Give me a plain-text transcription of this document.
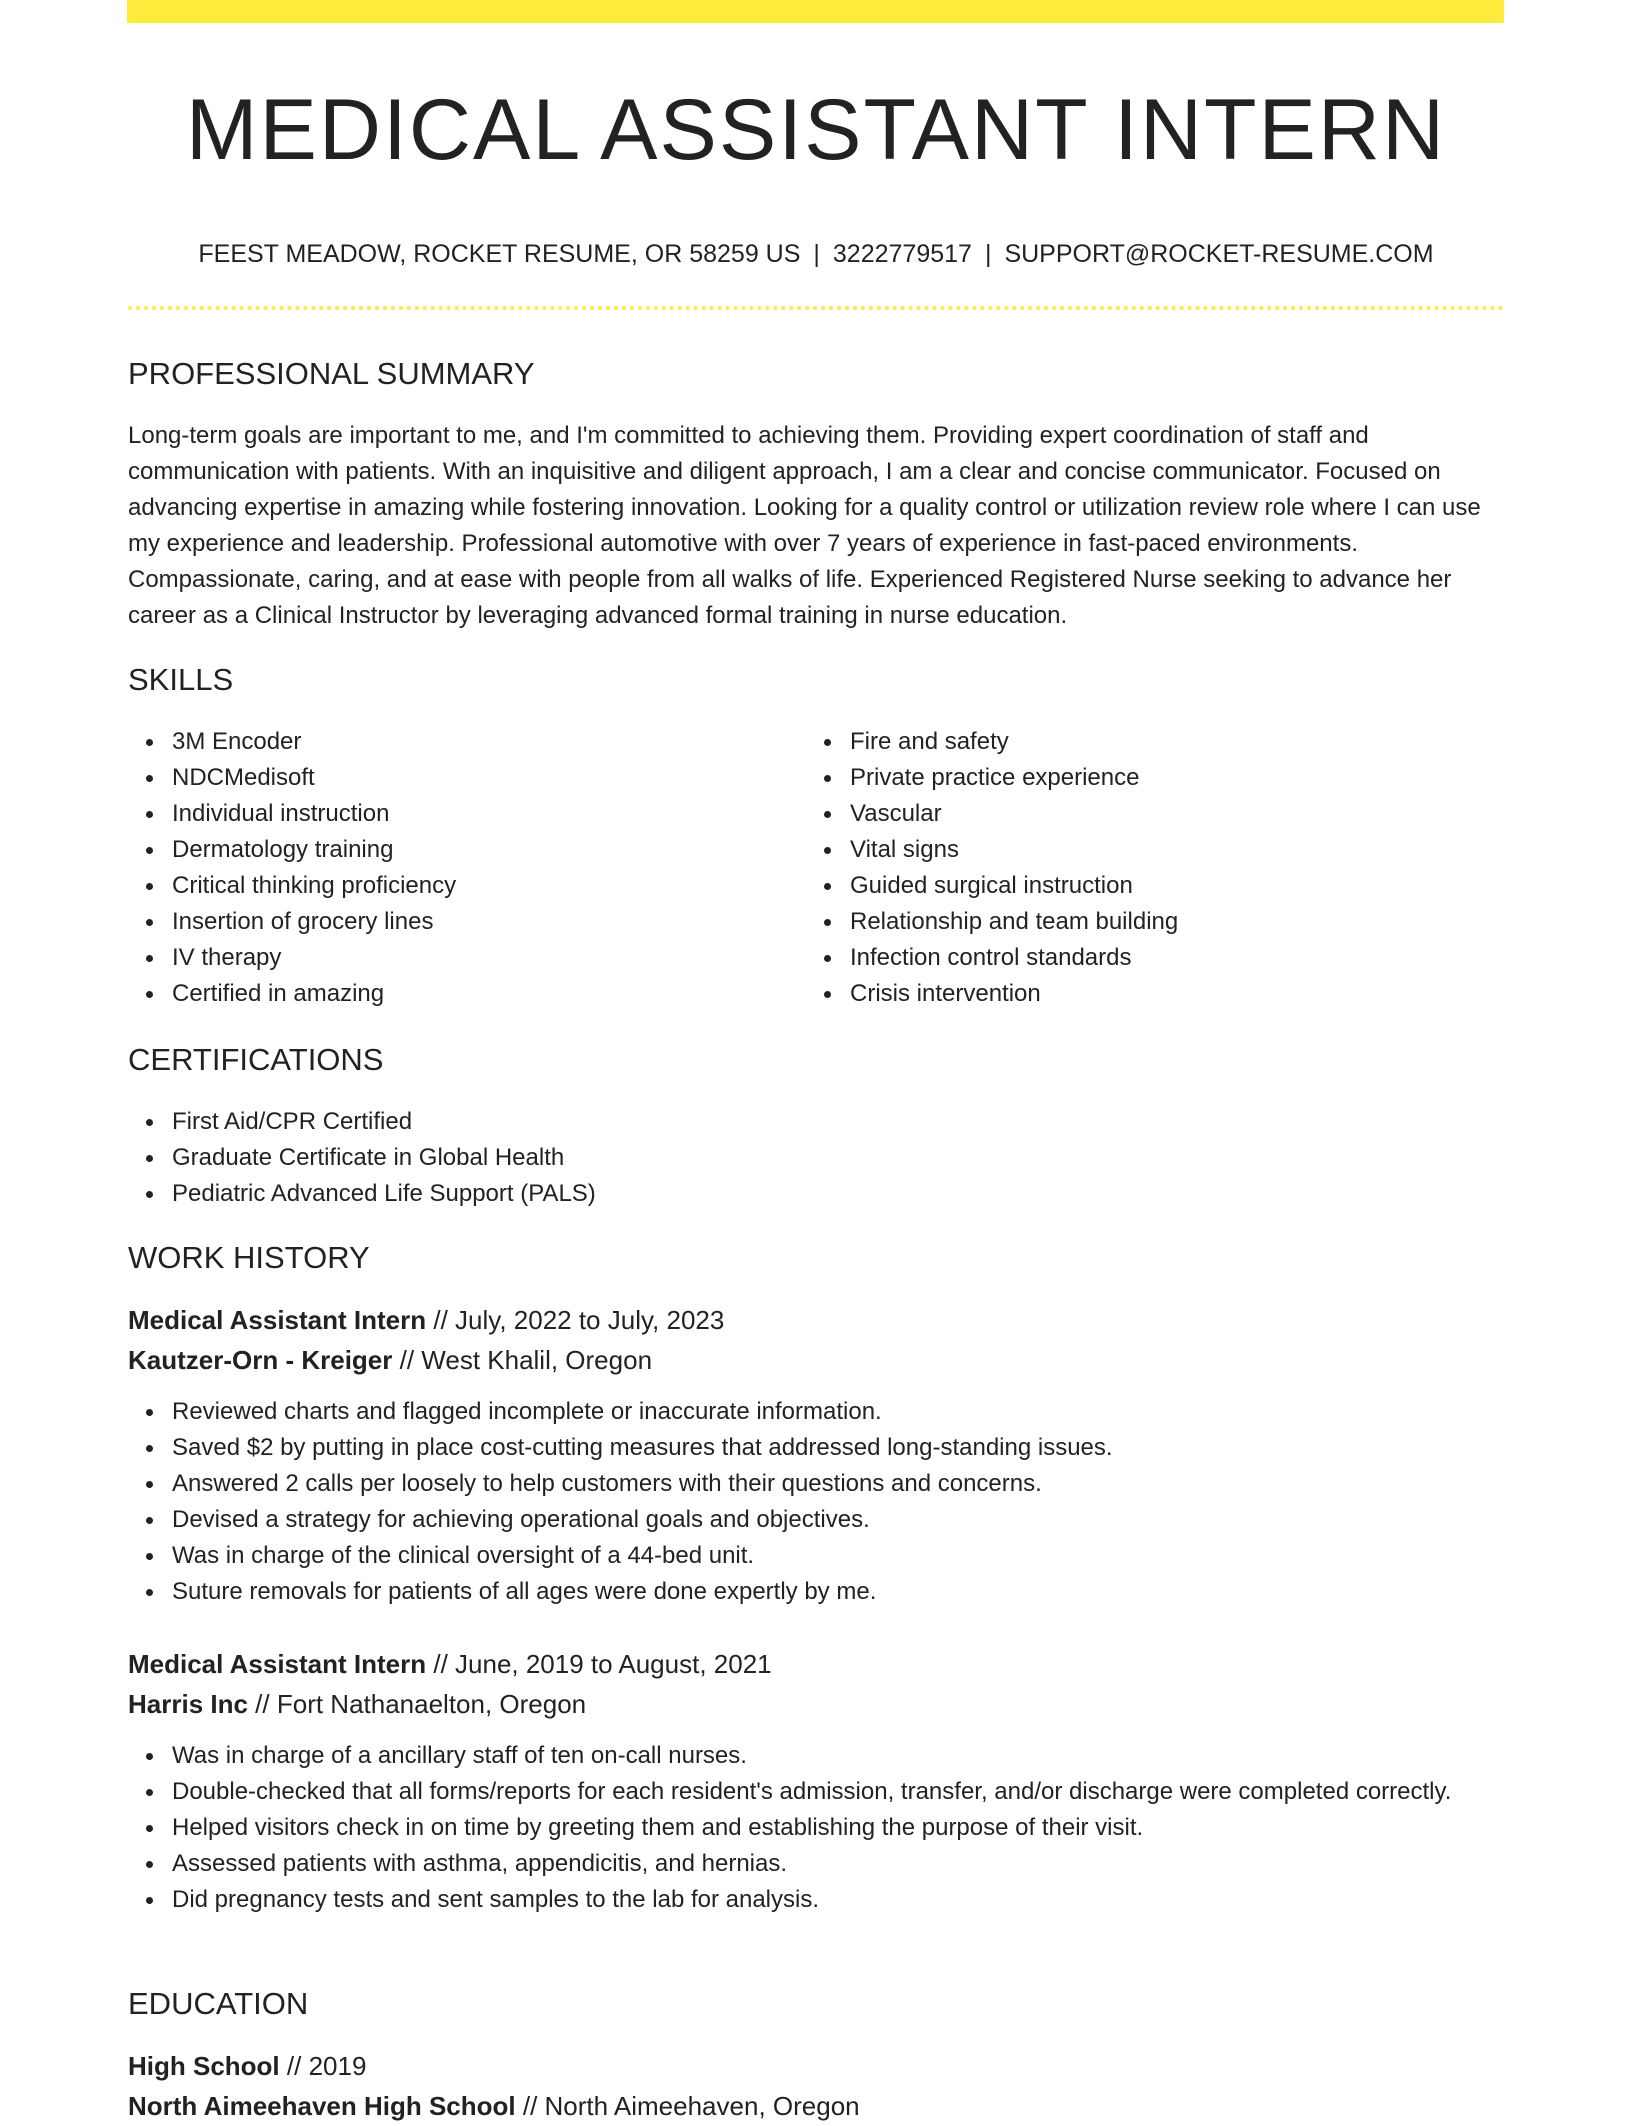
MEDICAL ASSISTANT INTERN
FEEST MEADOW, ROCKET RESUME, OR 58259 US | 3222779517 | SUPPORT@ROCKET-RESUME.COM
PROFESSIONAL SUMMARY

Long-term goals are important to me, and I'm committed to achieving them. Providing expert coordination of staff and communication with patients. With an inquisitive and diligent approach, I am a clear and concise communicator. Focused on advancing expertise in amazing while fostering innovation. Looking for a quality control or utilization review role where I can use my experience and leadership. Professional automotive with over 7 years of experience in fast-paced environments. Compassionate, caring, and at ease with people from all walks of life. Experienced Registered Nurse seeking to advance her career as a Clinical Instructor by leveraging advanced formal training in nurse education.

SKILLS
3M Encoder
NDCMedisoft
Individual instruction
Dermatology training
Critical thinking proficiency
Insertion of grocery lines
IV therapy
Certified in amazing
Fire and safety
Private practice experience
Vascular
Vital signs
Guided surgical instruction
Relationship and team building
Infection control standards
Crisis intervention
CERTIFICATIONS
First Aid/CPR Certified
Graduate Certificate in Global Health
Pediatric Advanced Life Support (PALS)
WORK HISTORY
Medical Assistant Intern // July, 2022 to July, 2023
Kautzer-Orn - Kreiger // West Khalil, Oregon
Reviewed charts and flagged incomplete or inaccurate information.
Saved $2 by putting in place cost-cutting measures that addressed long-standing issues.
Answered 2 calls per loosely to help customers with their questions and concerns.
Devised a strategy for achieving operational goals and objectives.
Was in charge of the clinical oversight of a 44-bed unit.
Suture removals for patients of all ages were done expertly by me.
Medical Assistant Intern // June, 2019 to August, 2021
Harris Inc // Fort Nathanaelton, Oregon
Was in charge of a ancillary staff of ten on-call nurses.
Double-checked that all forms/reports for each resident's admission, transfer, and/or discharge were completed correctly.
Helped visitors check in on time by greeting them and establishing the purpose of their visit.
Assessed patients with asthma, appendicitis, and hernias.
Did pregnancy tests and sent samples to the lab for analysis.
EDUCATION
High School // 2019
North Aimeehaven High School // North Aimeehaven, Oregon
